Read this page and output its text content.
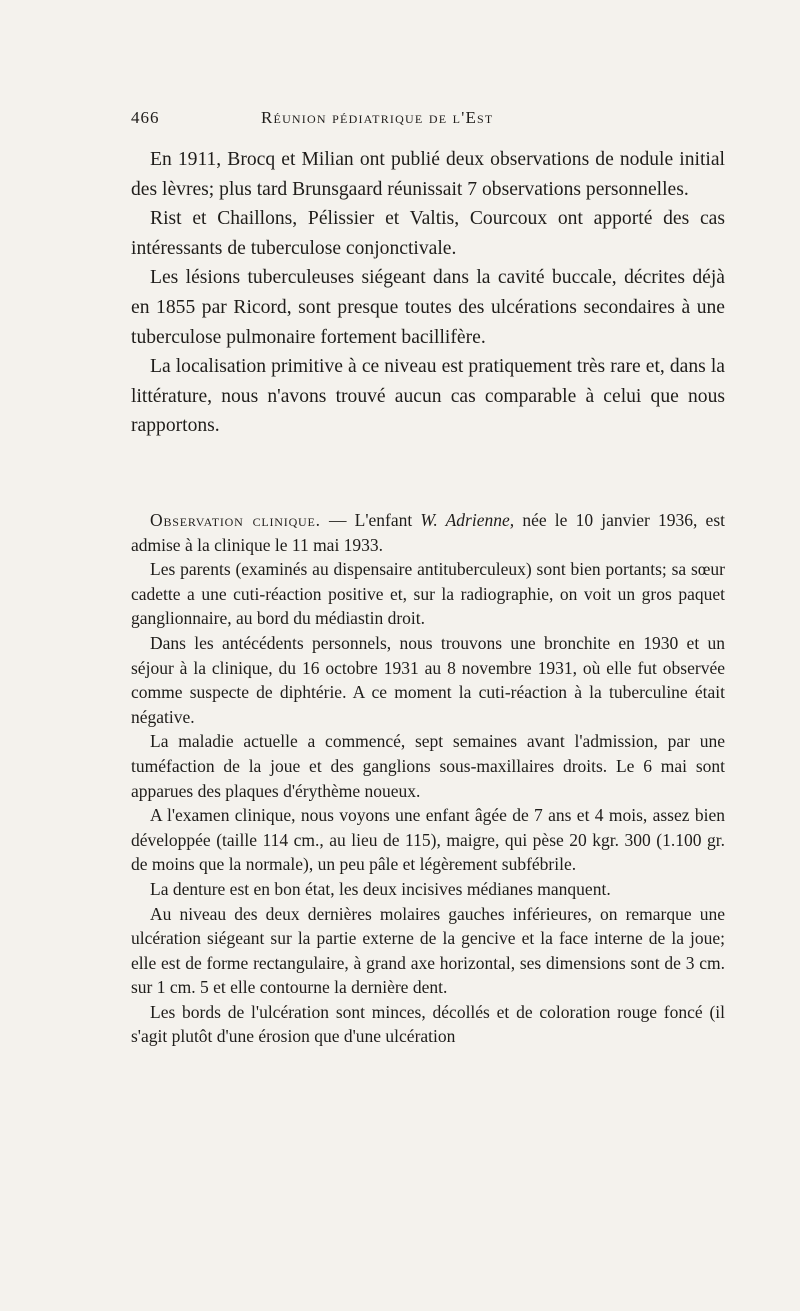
466	Réunion pédiatrique de l'Est

En 1911, Brocq et Milian ont publié deux observations de nodule initial des lèvres; plus tard Brunsgaard réunissait 7 observations personnelles.

Rist et Chaillons, Pélissier et Valtis, Courcoux ont apporté des cas intéressants de tuberculose conjonctivale.

Les lésions tuberculeuses siégeant dans la cavité buccale, décrites déjà en 1855 par Ricord, sont presque toutes des ulcérations secondaires à une tuberculose pulmonaire fortement bacillifère.

La localisation primitive à ce niveau est pratiquement très rare et, dans la littérature, nous n'avons trouvé aucun cas comparable à celui que nous rapportons.

Observation clinique. — L'enfant W. Adrienne, née le 10 janvier 1936, est admise à la clinique le 11 mai 1933.

Les parents (examinés au dispensaire antituberculeux) sont bien portants; sa sœur cadette a une cuti-réaction positive et, sur la radiographie, on voit un gros paquet ganglionnaire, au bord du médiastin droit.

Dans les antécédents personnels, nous trouvons une bronchite en 1930 et un séjour à la clinique, du 16 octobre 1931 au 8 novembre 1931, où elle fut observée comme suspecte de diphtérie. A ce moment la cuti-réaction à la tuberculine était négative.

La maladie actuelle a commencé, sept semaines avant l'admission, par une tuméfaction de la joue et des ganglions sous-maxillaires droits. Le 6 mai sont apparues des plaques d'érythème noueux.

A l'examen clinique, nous voyons une enfant âgée de 7 ans et 4 mois, assez bien développée (taille 114 cm., au lieu de 115), maigre, qui pèse 20 kgr. 300 (1.100 gr. de moins que la normale), un peu pâle et légèrement subfébrile.

La denture est en bon état, les deux incisives médianes manquent.

Au niveau des deux dernières molaires gauches inférieures, on remarque une ulcération siégeant sur la partie externe de la gencive et la face interne de la joue; elle est de forme rectangulaire, à grand axe horizontal, ses dimensions sont de 3 cm. sur 1 cm. 5 et elle contourne la dernière dent.

Les bords de l'ulcération sont minces, décollés et de coloration rouge foncé (il s'agit plutôt d'une érosion que d'une ulcération
